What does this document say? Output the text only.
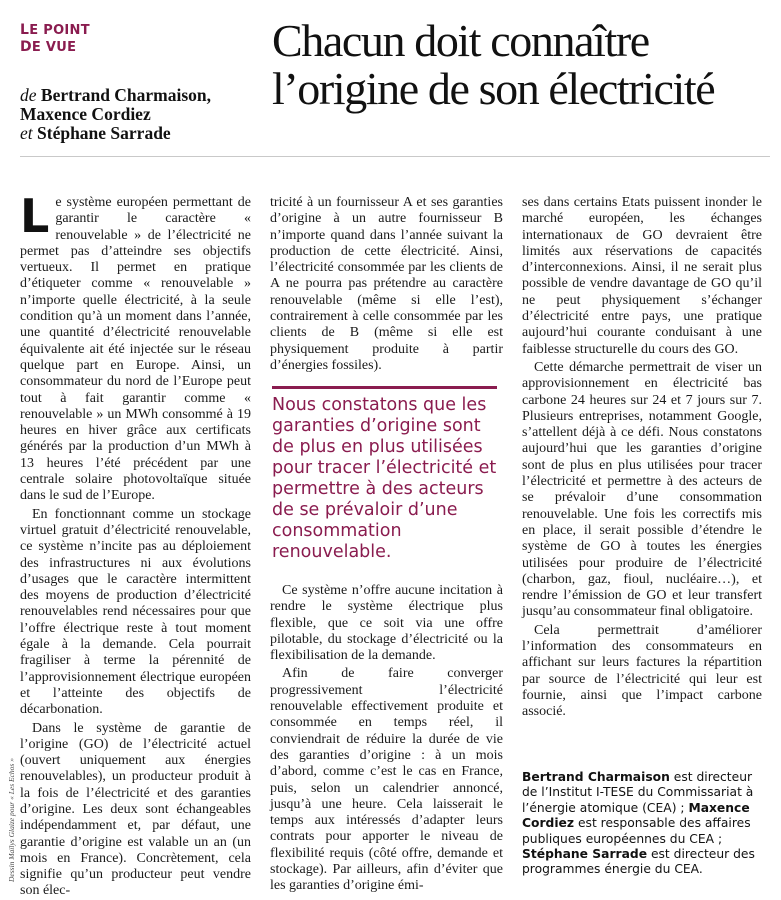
LE POINT
DE VUE
de Bertrand Charmaison,
Maxence Cordiez
et Stéphane Sarrade
Chacun doit connaître
l’origine de son électricité
Dessin Maïlys Glaize pour « Les Echos »

Le système européen permettant de garantir le caractère « renouvelable » de l’électricité ne permet pas d’atteindre ses objectifs vertueux. Il permet en pratique d’étiqueter comme « renouvelable » n’importe quelle électricité, à la seule condition qu’à un moment dans l’année, une quantité d’électricité renouvelable équivalente ait été injectée sur le réseau quelque part en Europe. Ainsi, un consommateur du nord de l’Europe peut tout à fait garantir comme « renouvelable » un MWh consommé à 19 heures en hiver grâce aux certificats générés par la production d’un MWh à 13 heures l’été précédent par une centrale solaire photovoltaïque située dans le sud de l’Europe.

En fonctionnant comme un stockage virtuel gratuit d’électricité renouvelable, ce système n’incite pas au déploiement des infrastructures ni aux évolutions d’usages que le caractère intermittent des moyens de production d’électricité renouvelables rend nécessaires pour que l’offre électrique reste à tout moment égale à la demande. Cela pourrait fragiliser à terme la pérennité de l’approvisionnement électrique européen et l’atteinte des objectifs de décarbonation.

Dans le système de garantie de l’origine (GO) de l’électricité actuel (ouvert uniquement aux énergies renouvelables), un producteur produit à la fois de l’électricité et des garanties d’origine. Les deux sont échangeables indépendamment et, par défaut, une garantie d’origine est valable un an (un mois en France). Concrètement, cela signifie qu’un producteur peut vendre son élec-

tricité à un fournisseur A et ses garanties d’origine à un autre fournisseur B n’importe quand dans l’année suivant la production de cette électricité. Ainsi, l’électricité consommée par les clients de A ne pourra pas prétendre au caractère renouvelable (même si elle l’est), contrairement à celle consommée par les clients de B (même si elle est physiquement produite à partir d’énergies fossiles).

Nous constatons que les garanties d’origine sont de plus en plus utilisées pour tracer l’électricité et permettre à des acteurs de se prévaloir d’une consommation renouvelable.

Ce système n’offre aucune incitation à rendre le système électrique plus flexible, que ce soit via une offre pilotable, du stockage d’électricité ou la flexibilisation de la demande.

Afin de faire converger progressivement l’électricité renouvelable effectivement produite et consommée en temps réel, il conviendrait de réduire la durée de vie des garanties d’origine : à un mois d’abord, comme c’est le cas en France, puis, selon un calendrier annoncé, jusqu’à une heure. Cela laisserait le temps aux intéressés d’adapter leurs contrats pour apporter le niveau de flexibilité requis (côté offre, demande et stockage). Par ailleurs, afin d’éviter que les garanties d’origine émi-

ses dans certains Etats puissent inonder le marché européen, les échanges internationaux de GO devraient être limités aux réservations de capacités d’interconnexions. Ainsi, il ne serait plus possible de vendre davantage de GO qu’il ne peut physiquement s’échanger d’électricité entre pays, une pratique aujourd’hui courante conduisant à une faiblesse structurelle du cours des GO.

Cette démarche permettrait de viser un approvisionnement en électricité bas carbone 24 heures sur 24 et 7 jours sur 7. Plusieurs entreprises, notamment Google, s’attellent déjà à ce défi. Nous constatons aujourd’hui que les garanties d’origine sont de plus en plus utilisées pour tracer l’électricité et permettre à des acteurs de se prévaloir d’une consommation renouvelable. Une fois les correctifs mis en place, il serait possible d’étendre le système de GO à toutes les énergies utilisées pour produire de l’électricité (charbon, gaz, fioul, nucléaire…), et rendre l’émission de GO et leur transfert jusqu’au consommateur final obligatoire.

Cela permettrait d’améliorer l’information des consommateurs en affichant sur leurs factures la répartition par source de l’électricité qui leur est fournie, ainsi que l’impact carbone associé.

Bertrand Charmaison est directeur de l’Institut I-TESE du Commissariat à l’énergie atomique (CEA) ; Maxence Cordiez est responsable des affaires publiques européennes du CEA ; Stéphane Sarrade est directeur des programmes énergie du CEA.
